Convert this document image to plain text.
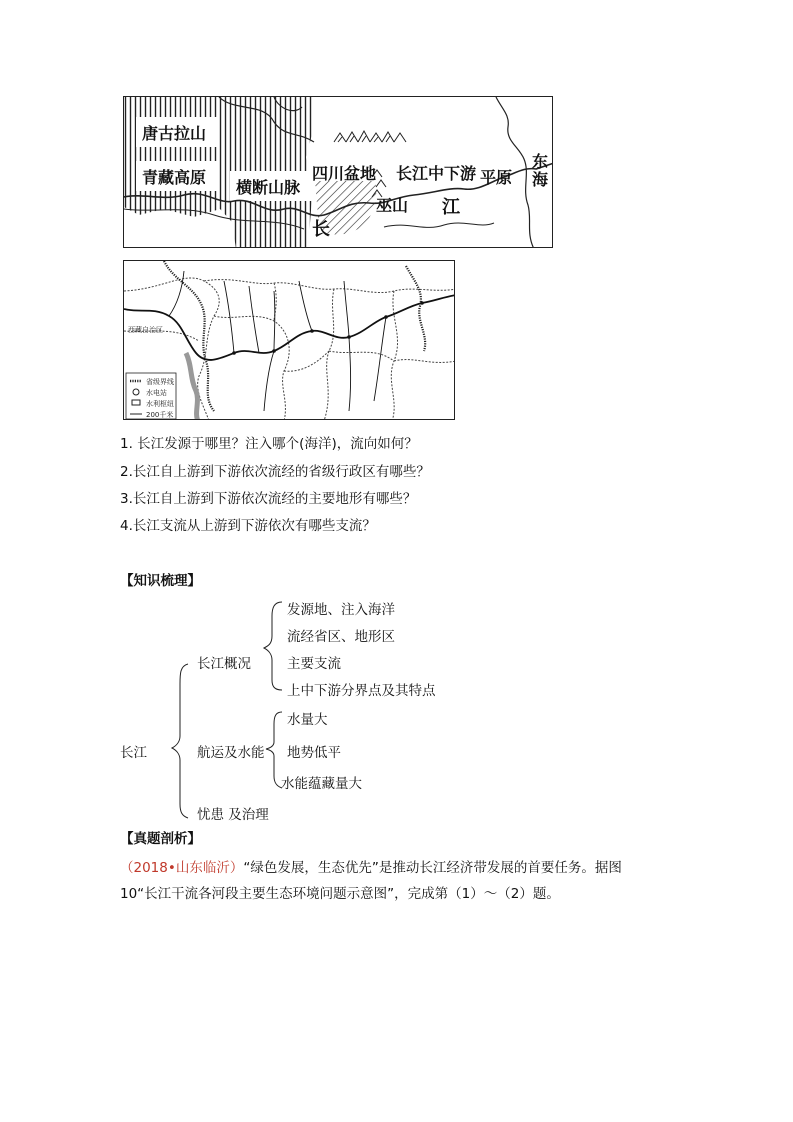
唐古拉山
青藏高原
横断山脉
四川盆地 长江中下游 平原
东
海
巫山 江
长
西藏自治区
省级界线
水电站
水利枢纽
200千米
1. 长江发源于哪里？注入哪个(海洋)，流向如何？
2.长江自上游到下游依次流经的省级行政区有哪些？
3.长江自上游到下游依次流经的主要地形有哪些？
4.长江支流从上游到下游依次有哪些支流？
【知识梳理】
长江
长江概况
发源地、注入海洋
流经省区、地形区
主要支流
上中下游分界点及其特点
航运及水能
水量大
地势低平
水能蕴藏量大
忧患 及治理
【真题剖析】
（2018•山东临沂）“绿色发展，生态优先”是推动长江经济带发展的首要任务。据图
10“长江干流各河段主要生态环境问题示意图”，完成第（1）～（2）题。
